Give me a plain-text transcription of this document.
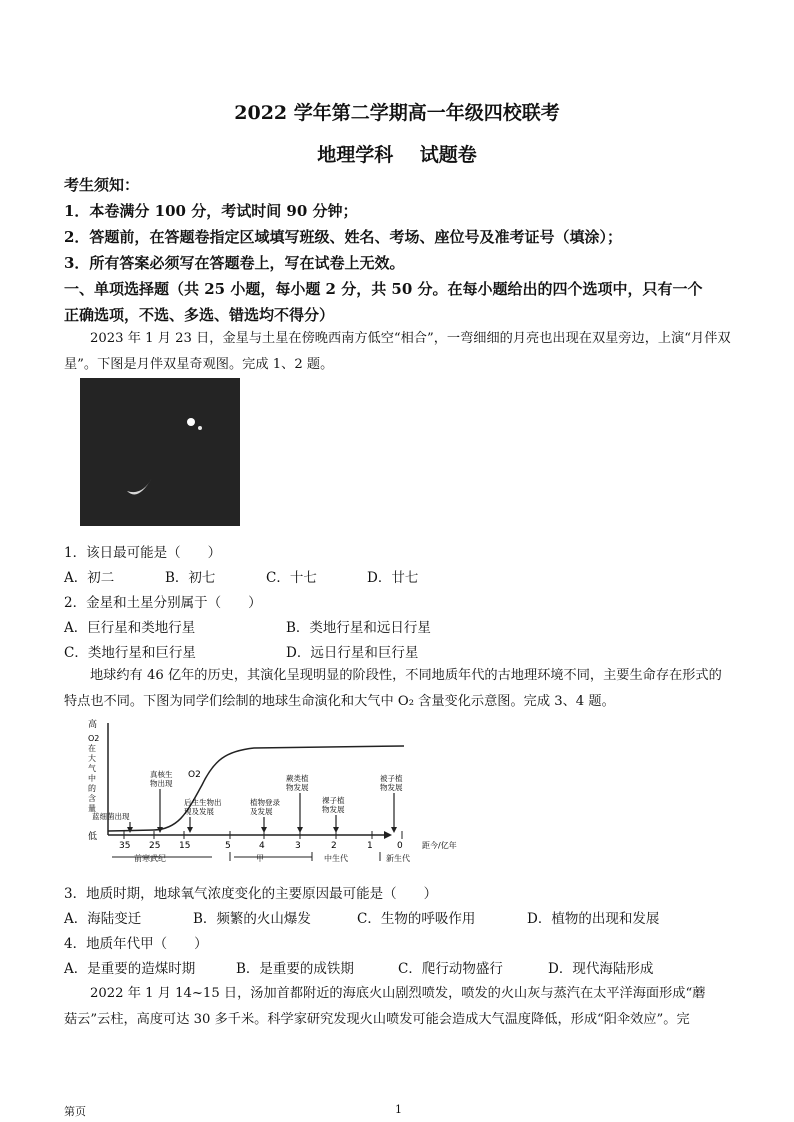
2022 学年第二学期高一年级四校联考
地理学科    试题卷
考生须知：
1．本卷满分 100 分，考试时间 90 分钟；
2．答题前，在答题卷指定区域填写班级、姓名、考场、座位号及准考证号（填涂）；
3．所有答案必须写在答题卷上，写在试卷上无效。
一、单项选择题（共 25 小题，每小题 2 分，共 50 分。在每小题给出的四个选项中，只有一个
正确选项，不选、多选、错选均不得分）
2023 年 1 月 23 日，金星与土星在傍晚西南方低空“相合”，一弯细细的月亮也出现在双星旁边，上演“月伴双星”。下图是月伴双星奇观图。完成 1、2 题。
1．该日最可能是（　　）
A．初二	B．初七	C．十七	D．廿七
2．金星和土星分别属于（　　）
A．巨行星和类地行星	B．类地行星和远日行星
C．类地行星和巨行星	D．远日行星和巨行星
地球约有 46 亿年的历史，其演化呈现明显的阶段性，不同地质年代的古地理环境不同，主要生命存在形式的特点也不同。下图为同学们绘制的地球生命演化和大气中 O₂ 含量变化示意图。完成 3、4 题。
高
O2
在
大
气
中
的
含
量
低
O2
35 25 15	5	4	3	2	1	0
蓝细菌出现
真核生
物出现
后生生物出
现及发展
植物登录
及发展
蕨类植
物发展
裸子植
物发展
被子植
物发展
前寒武纪	甲	中生代	新生代
距今/亿年
3．地质时期，地球氧气浓度变化的主要原因最可能是（　　）
A．海陆变迁	B．频繁的火山爆发	C．生物的呼吸作用	D．植物的出现和发展
4．地质年代甲（　　）
A．是重要的造煤时期	B．是重要的成铁期	C．爬行动物盛行	D．现代海陆形成
2022 年 1 月 14~15 日，汤加首都附近的海底火山剧烈喷发，喷发的火山灰与蒸汽在太平洋海面形成“蘑
菇云”云柱，高度可达 30 多千米。科学家研究发现火山喷发可能会造成大气温度降低，形成“阳伞效应”。完
第页	1
